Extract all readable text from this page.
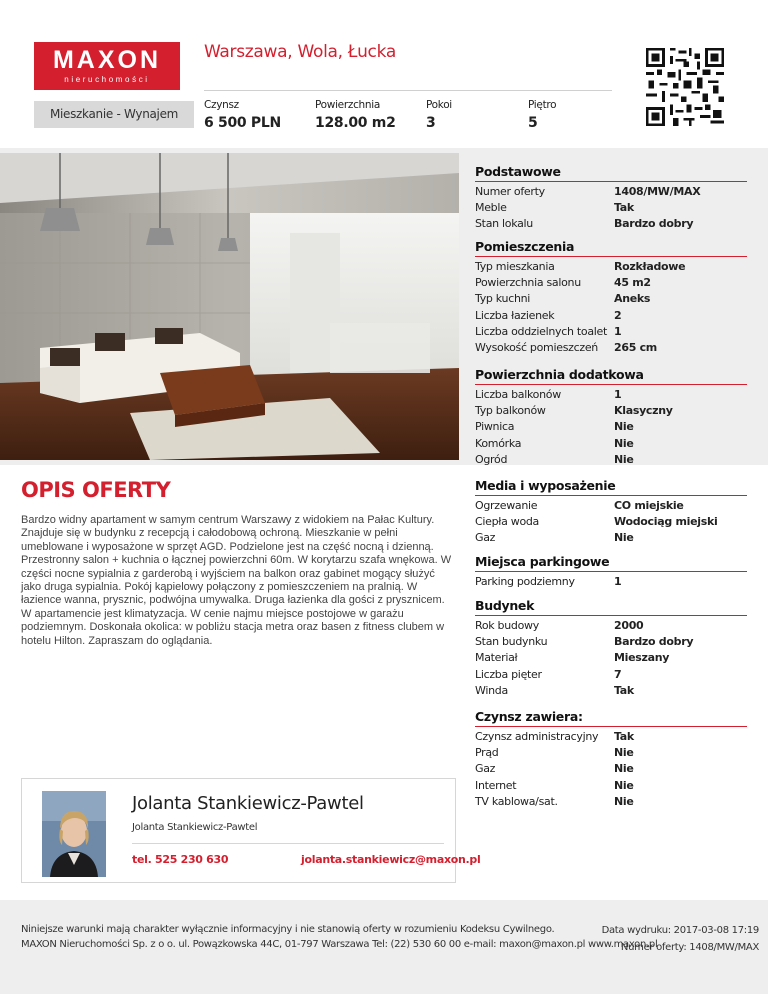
MAXON
nieruchomości
Warszawa, Wola, Łucka
Mieszkanie - Wynajem
Czynsz
6 500 PLN
Powierzchnia
128.00 m2
Pokoi
3
Piętro
5
Podstawowe
Numer oferty	1408/MW/MAX
Meble	Tak
Stan lokalu	Bardzo dobry
Pomieszczenia
Typ mieszkania	Rozkładowe
Powierzchnia salonu	45 m2
Typ kuchni	Aneks
Liczba łazienek	2
Liczba oddzielnych toalet 1
Wysokość pomieszczeń	265 cm
Powierzchnia dodatkowa
Liczba balkonów	1
Typ balkonów	Klasyczny
Piwnica	Nie
Komórka	Nie
Ogród	Nie
Media i wyposażenie
Ogrzewanie	CO miejskie
Ciepła woda	Wodociąg miejski
Gaz	Nie
Miejsca parkingowe
Parking podziemny	1
Budynek
Rok budowy	2000
Stan budynku	Bardzo dobry
Materiał	Mieszany
Liczba pięter	7
Winda	Tak
Czynsz zawiera:
Czynsz administracyjny	Tak
Prąd	Nie
Gaz	Nie
Internet	Nie
TV kablowa/sat.	Nie
OPIS OFERTY
Bardzo widny apartament w samym centrum Warszawy z widokiem na Pałac Kultury. Znajduje się w budynku z recepcją i całodobową ochroną. Mieszkanie w pełni umeblowane i wyposażone w sprzęt AGD. Podzielone jest na część nocną i dzienną. Przestronny salon + kuchnia o łącznej powierzchni 60m. W korytarzu szafa wnękowa. W części nocne sypialnia z garderobą i wyjściem na balkon oraz gabinet mogący służyć jako druga sypialnia. Pokój kąpielowy połączony z pomieszczeniem na pralnią. W łazience wanna, prysznic, podwójna umywalka. Druga łazienka dla gości z prysznicem. W apartamencie jest klimatyzacja. W cenie najmu miejsce postojowe w garażu podziemnym. Doskonała okolica: w pobliżu stacja metra oraz basen z fitness clubem w hotelu Hilton. Zapraszam do oglądania.
Jolanta Stankiewicz-Pawtel
Jolanta Stankiewicz-Pawtel
tel. 525 230 630	jolanta.stankiewicz@maxon.pl
Niniejsze warunki mają charakter wyłącznie informacyjny i nie stanowią oferty w rozumieniu Kodeksu Cywilnego.
MAXON Nieruchomości Sp. z o o. ul. Powązkowska 44C, 01-797 Warszawa Tel: (22) 530 60 00 e-mail: maxon@maxon.pl www.maxon.pl
Data wydruku: 2017-03-08 17:19
Numer oferty: 1408/MW/MAX
